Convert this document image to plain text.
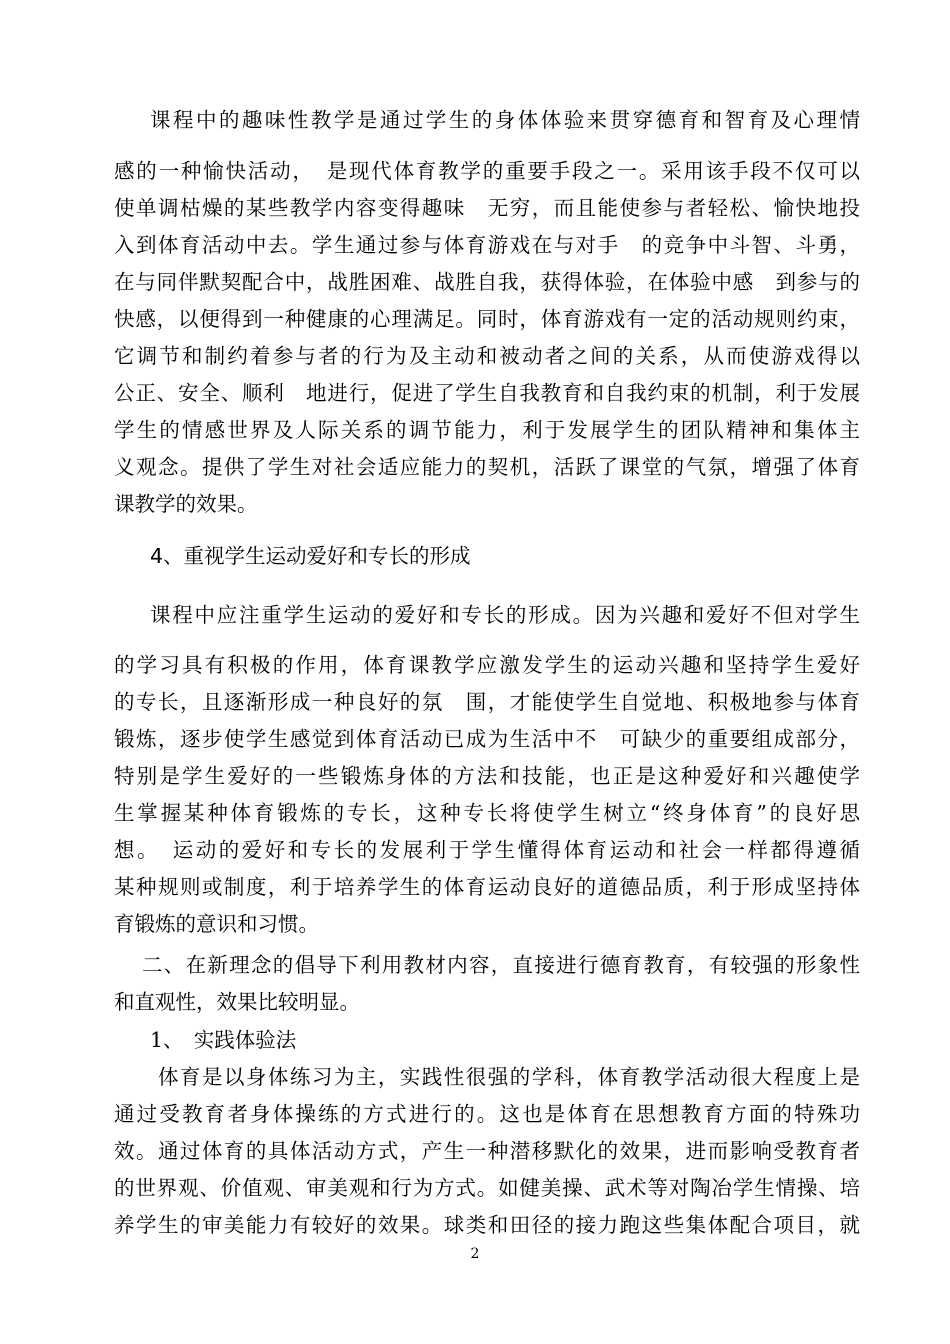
课程中的趣味性教学是通过学生的身体体验来贯穿德育和智育及心理情
感的一种愉快活动，　是现代体育教学的重要手段之一。采用该手段不仅可以
使单调枯燥的某些教学内容变得趣味　无穷，而且能使参与者轻松、愉快地投
入到体育活动中去。学生通过参与体育游戏在与对手　的竞争中斗智、斗勇，
在与同伴默契配合中，战胜困难、战胜自我，获得体验，在体验中感　到参与的
快感，以便得到一种健康的心理满足。同时，体育游戏有一定的活动规则约束，
它调节和制约着参与者的行为及主动和被动者之间的关系，从而使游戏得以
公正、安全、顺利　地进行，促进了学生自我教育和自我约束的机制，利于发展
学生的情感世界及人际关系的调节能力，利于发展学生的团队精神和集体主
义观念。提供了学生对社会适应能力的契机，活跃了课堂的气氛，增强了体育
课教学的效果。
4、重视学生运动爱好和专长的形成
课程中应注重学生运动的爱好和专长的形成。因为兴趣和爱好不但对学生
的学习具有积极的作用，体育课教学应激发学生的运动兴趣和坚持学生爱好
的专长，且逐渐形成一种良好的氛　围，才能使学生自觉地、积极地参与体育
锻炼，逐步使学生感觉到体育活动已成为生活中不　可缺少的重要组成部分，
特别是学生爱好的一些锻炼身体的方法和技能，也正是这种爱好和兴趣使学
生掌握某种体育锻炼的专长，这种专长将使学生树立“终身体育”的良好思
想。　运动的爱好和专长的发展利于学生懂得体育运动和社会一样都得遵循
某种规则或制度，利于培养学生的体育运动良好的道德品质，利于形成坚持体
育锻炼的意识和习惯。
二、在新理念的倡导下利用教材内容，直接进行德育教育，有较强的形象性
和直观性，效果比较明显。
1、　实践体验法
体育是以身体练习为主，实践性很强的学科，体育教学活动很大程度上是
通过受教育者身体操练的方式进行的。这也是体育在思想教育方面的特殊功
效。通过体育的具体活动方式，产生一种潜移默化的效果，进而影响受教育者
的世界观、价值观、审美观和行为方式。如健美操、武术等对陶冶学生情操、培
养学生的审美能力有较好的效果。球类和田径的接力跑这些集体配合项目，就
2
